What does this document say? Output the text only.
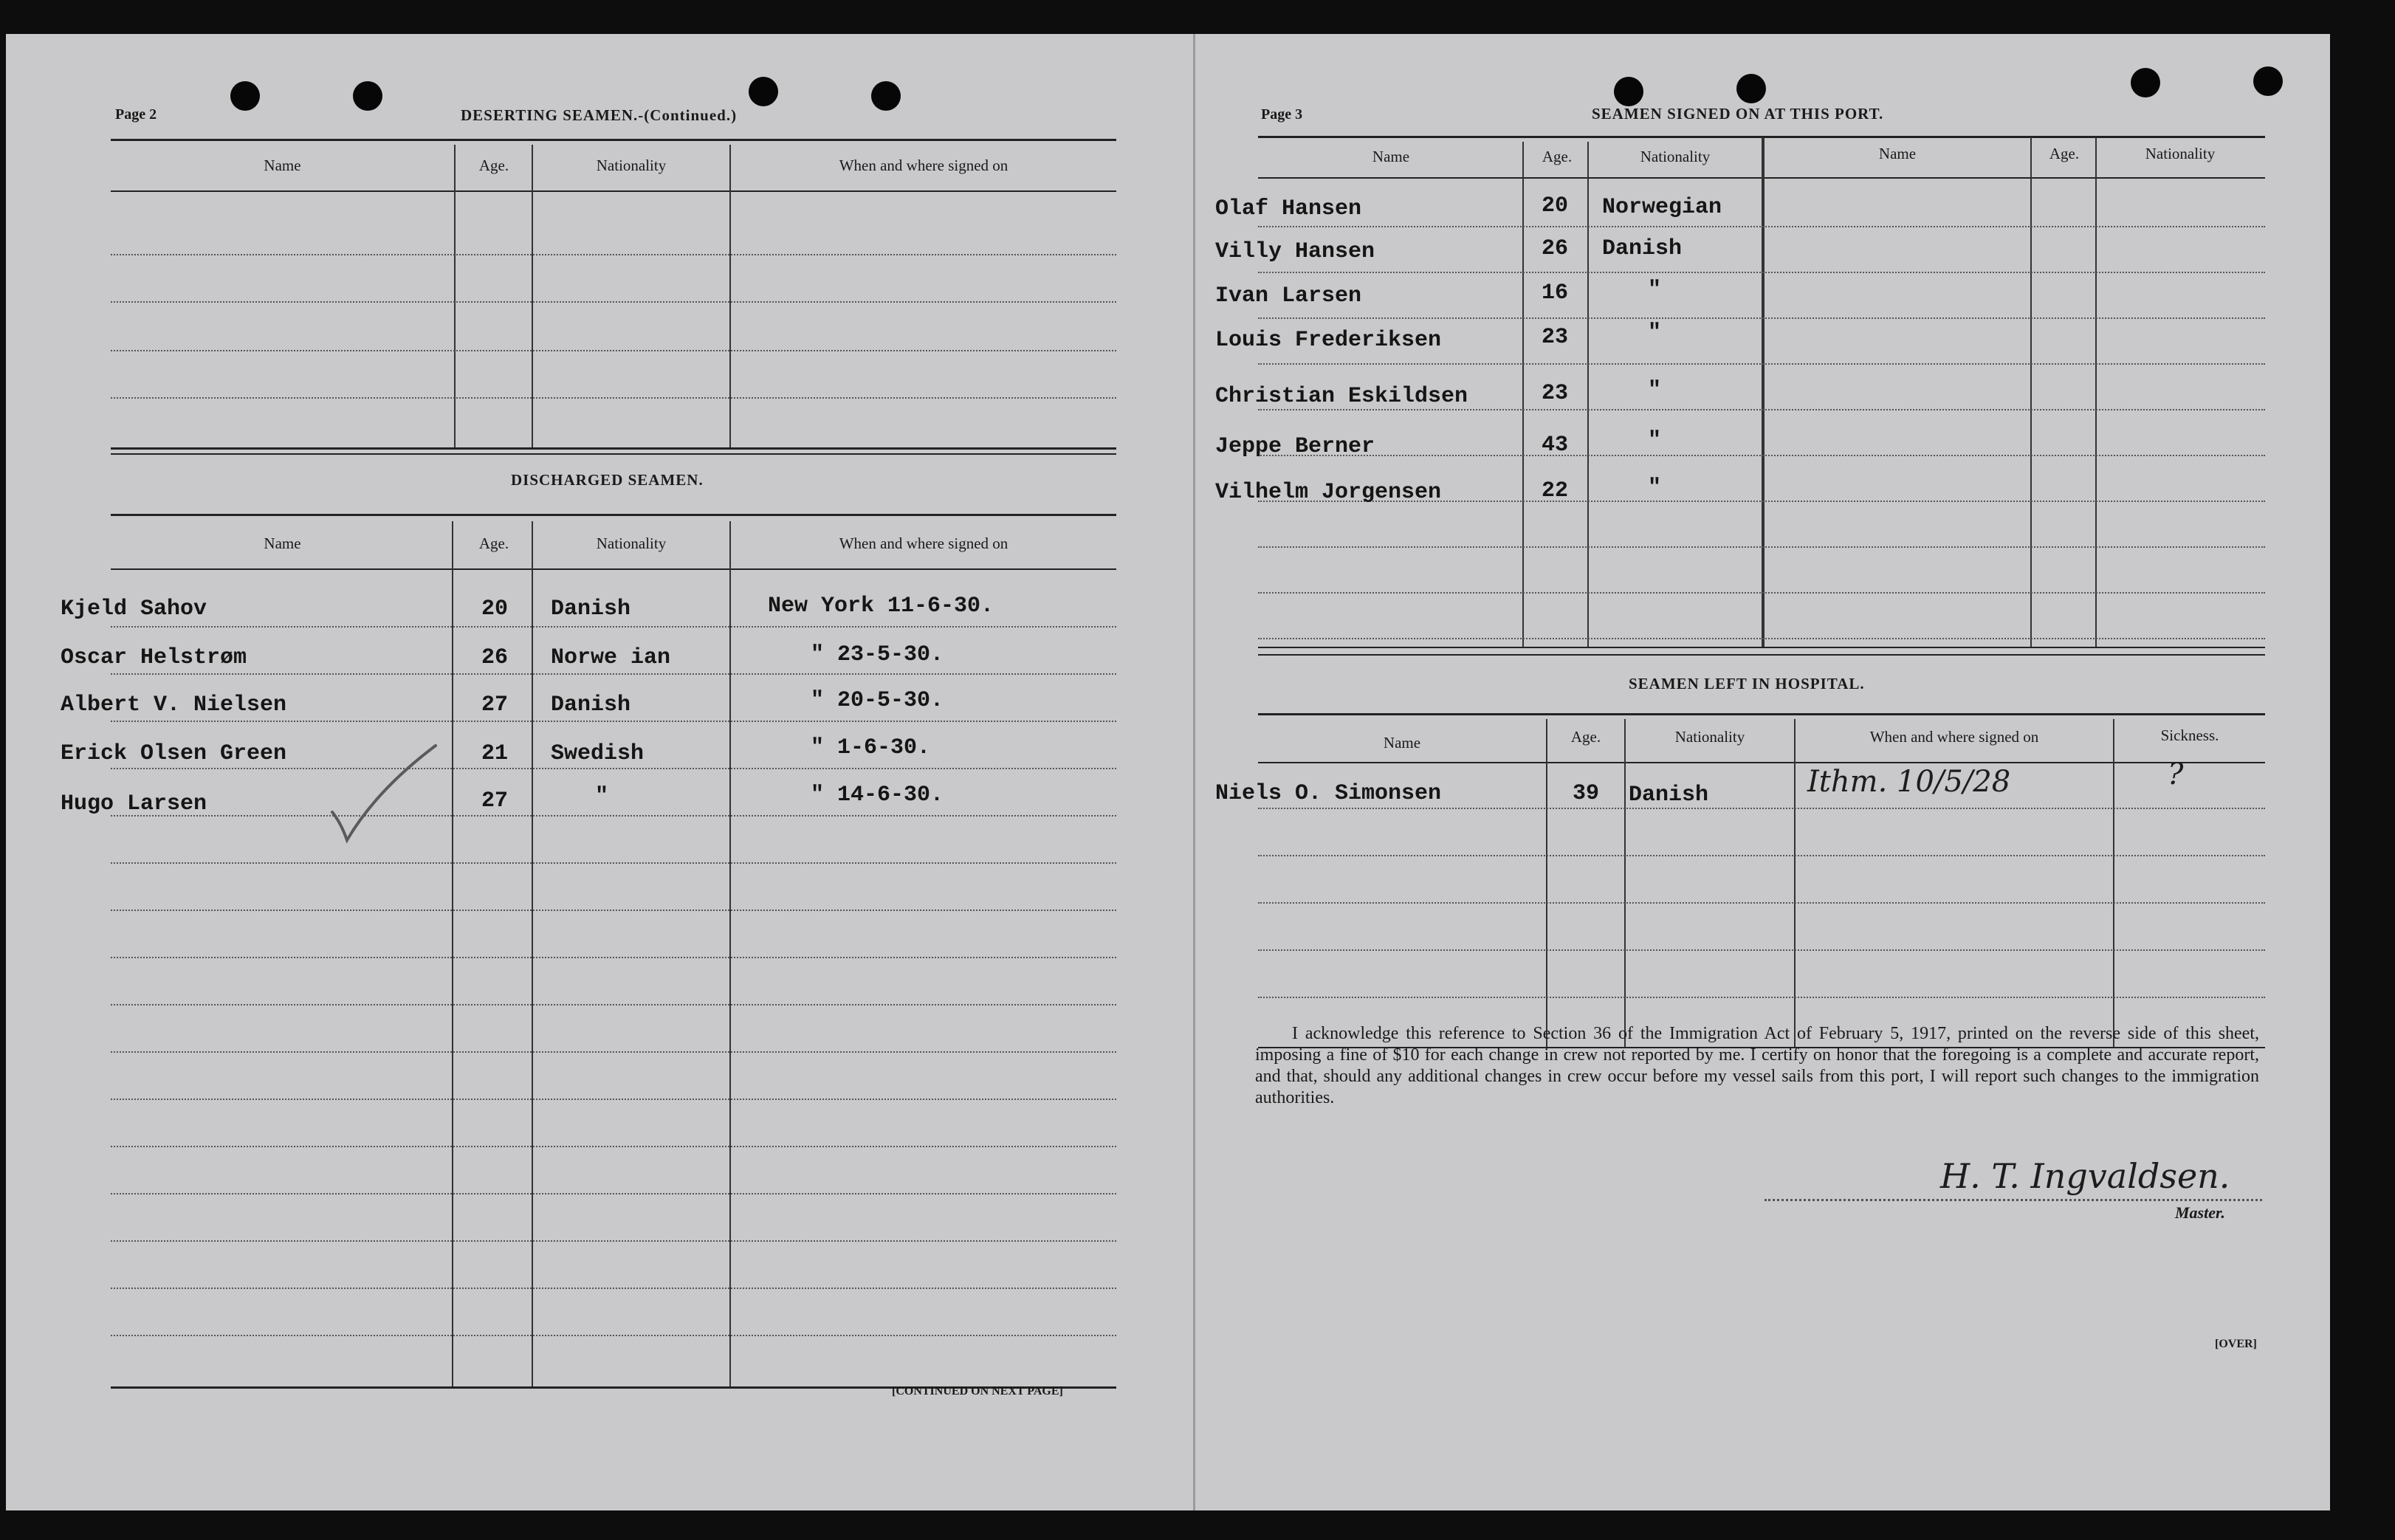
Page 2	DESERTING SEAMEN.-(Continued.)
Name	Age.	Nationality	When and where signed on
DISCHARGED SEAMEN.
Name	Age.	Nationality	When and where signed on
Kjeld Sahov	20 Danish	New York 11-6-30.
Oscar Helstrøm	26 Norwe ian	" 23-5-30.
Albert V. Nielsen	27 Danish	" 20-5-30.
Erick Olsen Green	21 Swedish	" 1-6-30.
Hugo Larsen	27	"	" 14-6-30.
[CONTINUED ON NEXT PAGE]
Page 3	SEAMEN SIGNED ON AT THIS PORT.
Name	Age.	Nationality	Name	Age.	Nationality
Olaf Hansen	20 Norwegian
Villy Hansen	26 Danish
Ivan Larsen	16	"
Louis Frederiksen	23	"
Christian Eskildsen	23	"
Jeppe Berner	43	"
Vilhelm Jorgensen	22	"
SEAMEN LEFT IN HOSPITAL.
Name	Age.	Nationality	When and where signed on	Sickness.
Niels O. Simonsen	39 Danish	Ithm. 10/5/28	?
I acknowledge this reference to Section 36 of the Immigration Act of February 5, 1917, printed on the reverse side of this sheet, imposing a fine of $10 for each change in crew not reported by me. I certify on honor that the foregoing is a complete and accurate report, and that, should any additional changes in crew occur before my vessel sails from this port, I will report such changes to the immigration authorities.
H. T. Ingvaldsen.
Master.
[OVER]
